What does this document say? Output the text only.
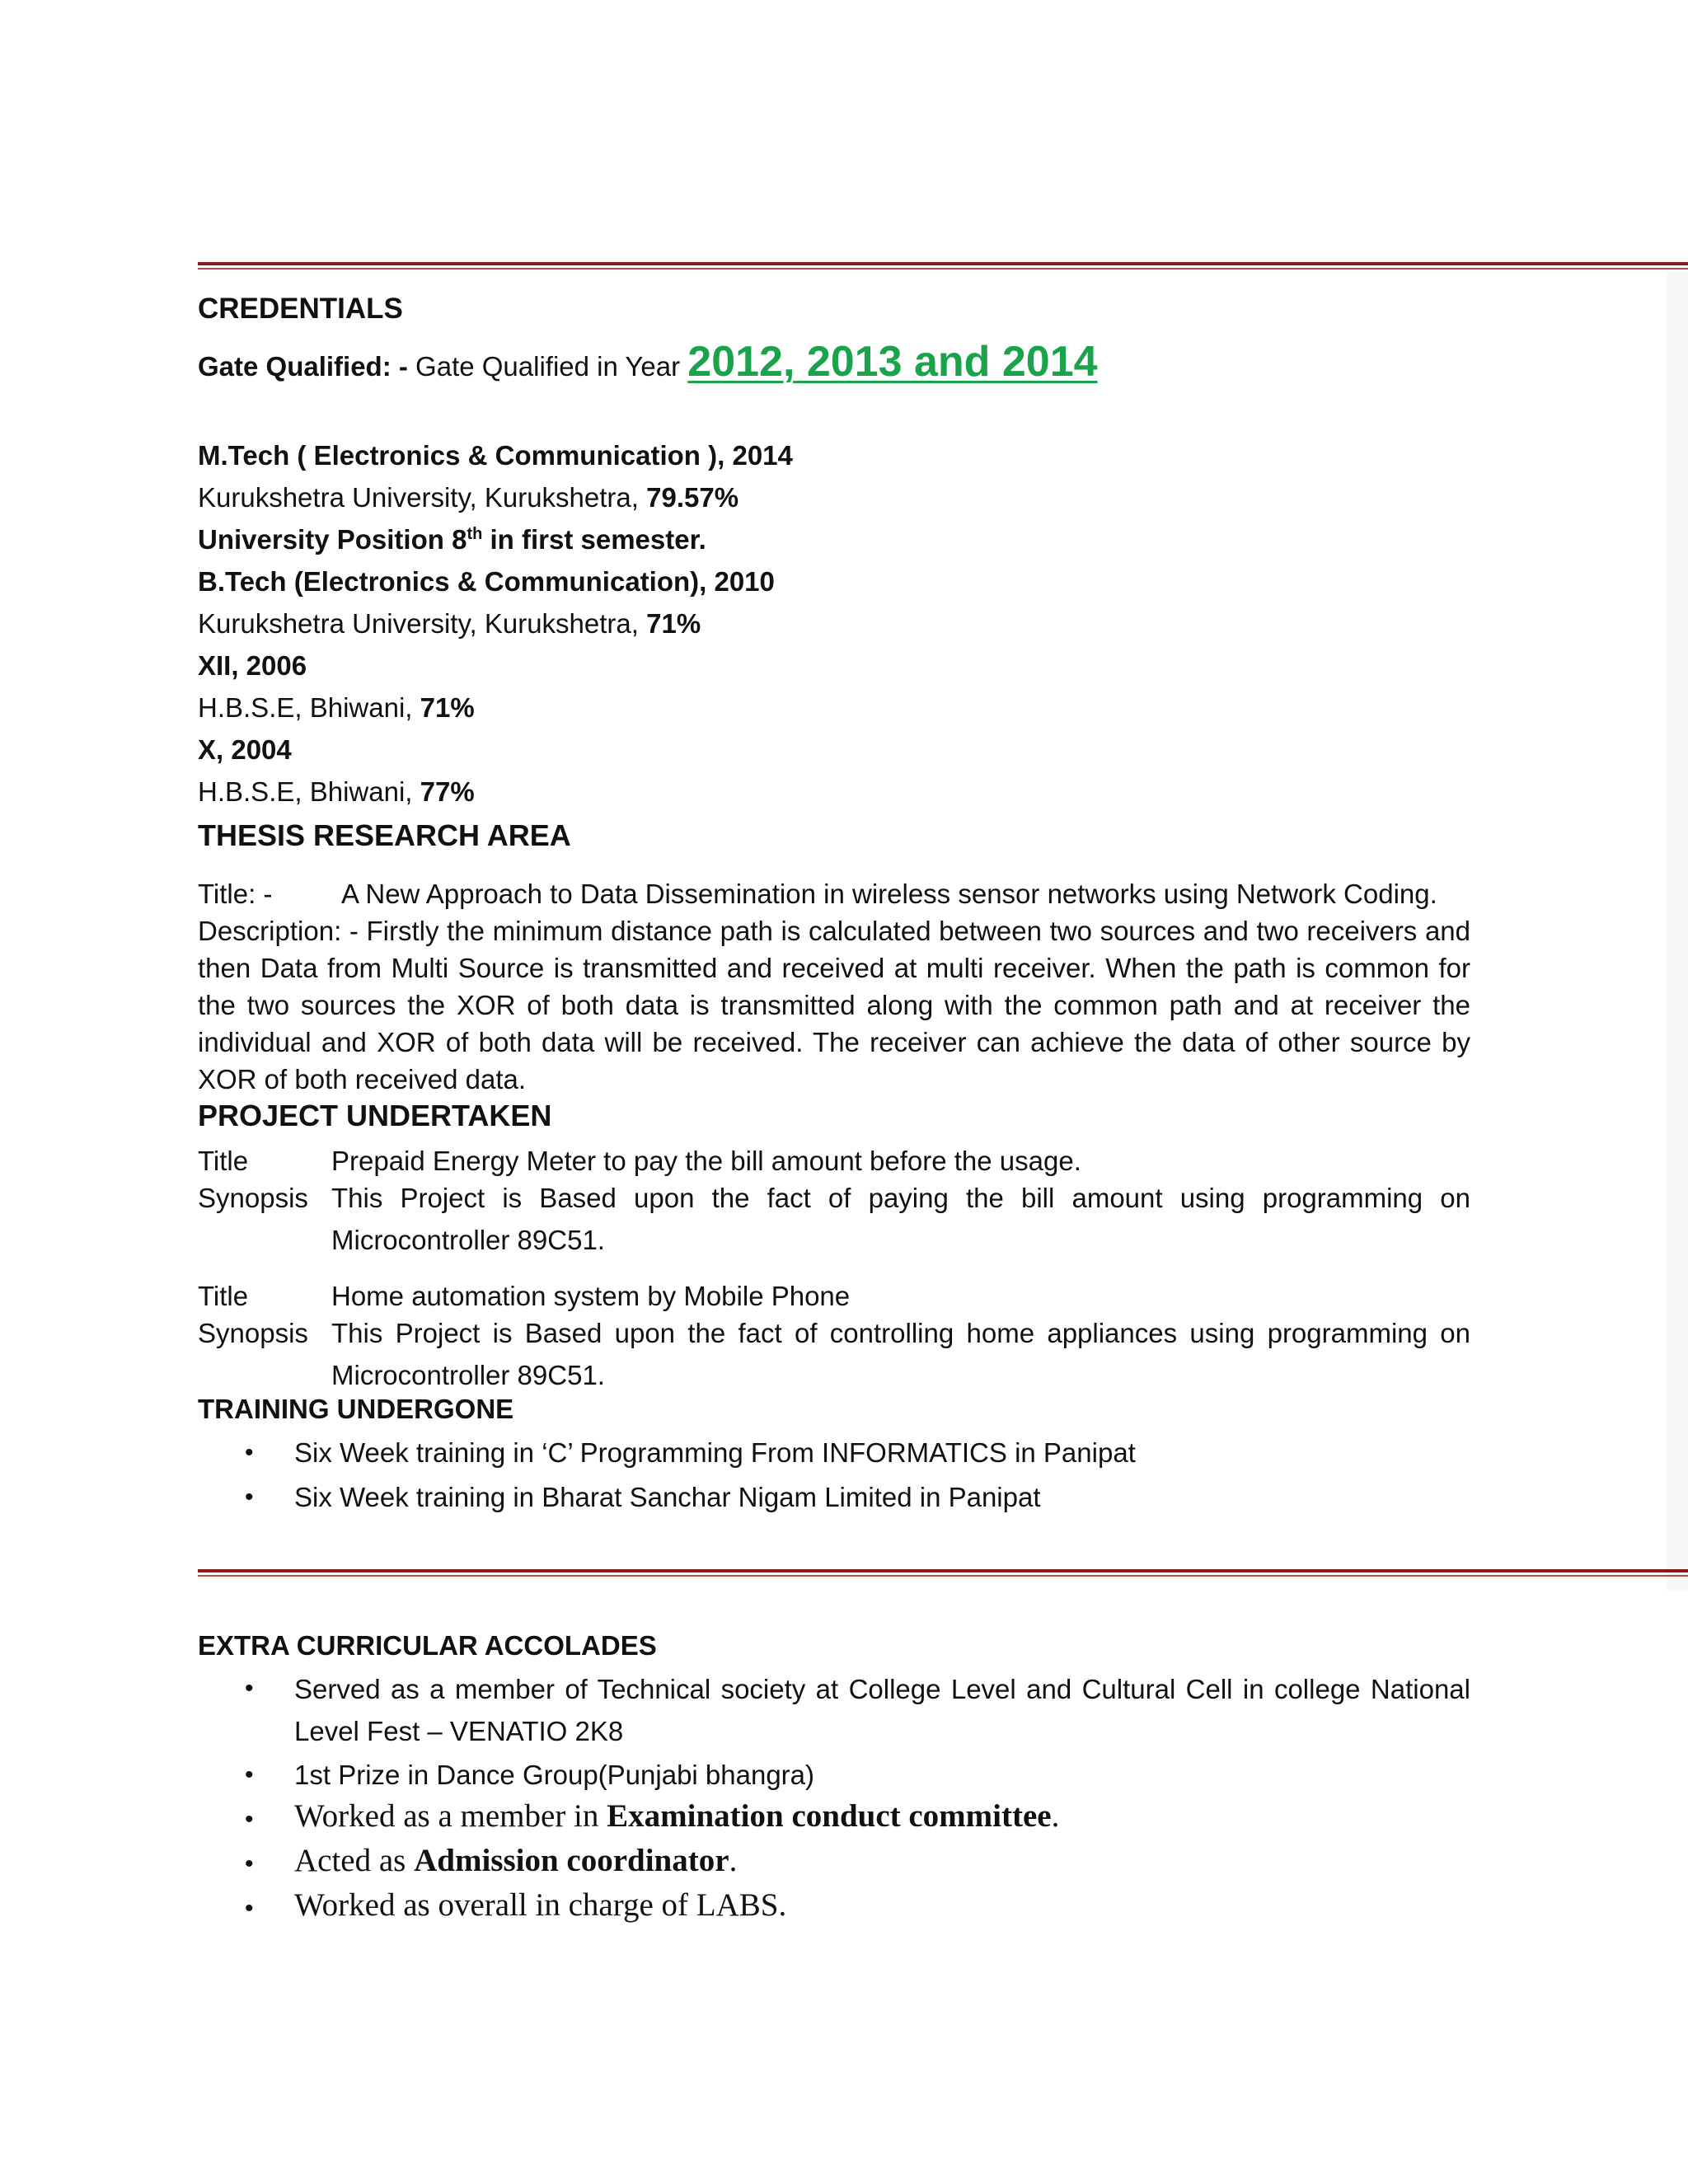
CREDENTIALS
Gate Qualified: - Gate Qualified in Year 2012, 2013 and 2014
M.Tech ( Electronics & Communication ), 2014
Kurukshetra University, Kurukshetra, 79.57%
University Position 8th in first semester.
B.Tech (Electronics & Communication), 2010
Kurukshetra University, Kurukshetra, 71%
XII, 2006
H.B.S.E, Bhiwani, 71%
X, 2004
H.B.S.E, Bhiwani, 77%
THESIS RESEARCH AREA
Title: -	A New Approach to Data Dissemination in wireless sensor networks using Network Coding.
Description: - Firstly the minimum distance path is calculated between two sources and two receivers and then Data from Multi Source is transmitted and received at multi receiver. When the path is common for the two sources the XOR of both data is transmitted along with the common path and at receiver the individual and XOR of both data will be received. The receiver can achieve the data of other source by XOR of both received data.
PROJECT UNDERTAKEN
Title	Prepaid Energy Meter to pay the bill amount before the usage.
Synopsis This Project is Based upon the fact of paying the bill amount using programming on Microcontroller 89C51.
Title	Home automation system by Mobile Phone
Synopsis This Project is Based upon the fact of controlling home appliances using programming on Microcontroller 89C51.
TRAINING UNDERGONE
• Six Week training in ‘C’ Programming From INFORMATICS in Panipat
• Six Week training in Bharat Sanchar Nigam Limited in Panipat
EXTRA CURRICULAR ACCOLADES
• Served as a member of Technical society at College Level and Cultural Cell in college National Level Fest – VENATIO 2K8
• 1st Prize in Dance Group(Punjabi bhangra)
• Worked as a member in Examination conduct committee.
• Acted as Admission coordinator.
• Worked as overall in charge of LABS.
